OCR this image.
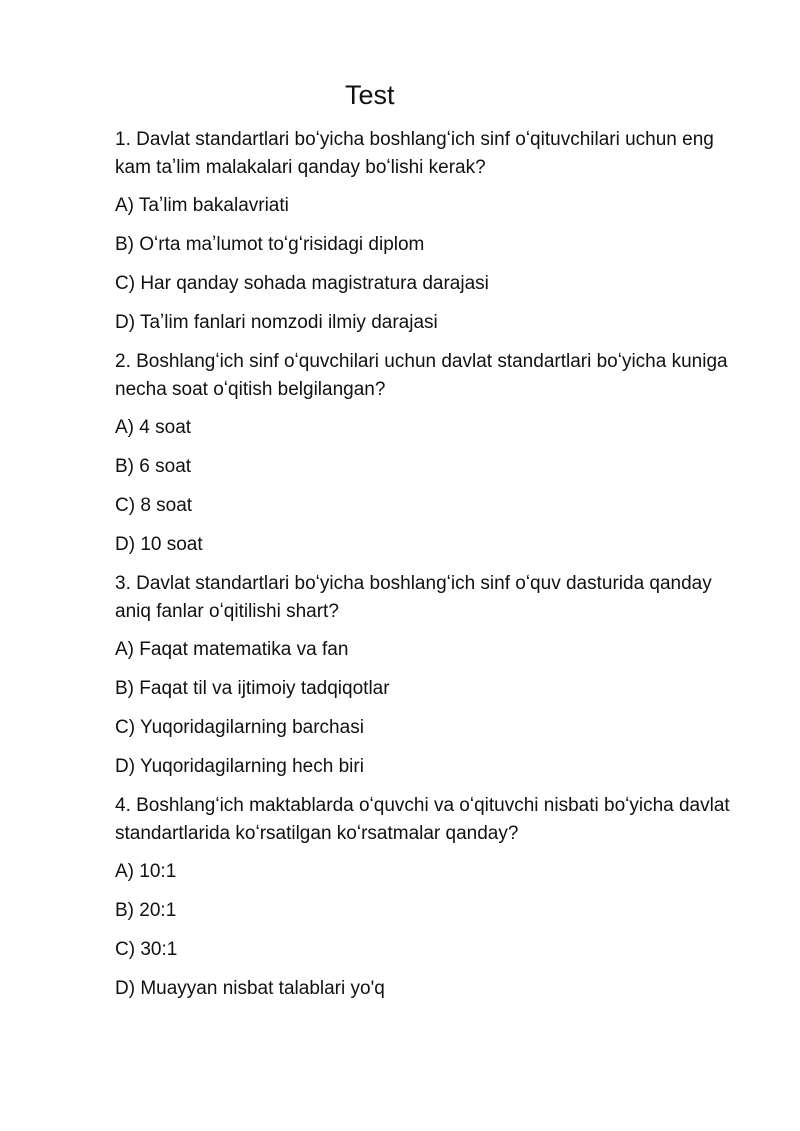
Test

1. Davlat standartlari boʻyicha boshlangʻich sinf oʻqituvchilari uchun eng kam taʼlim malakalari qanday boʻlishi kerak?

A) Taʼlim bakalavriati

B) Oʻrta maʼlumot toʻgʻrisidagi diplom

C) Har qanday sohada magistratura darajasi

D) Taʼlim fanlari nomzodi ilmiy darajasi

2. Boshlangʻich sinf oʻquvchilari uchun davlat standartlari boʻyicha kuniga necha soat oʻqitish belgilangan?

A) 4 soat

B) 6 soat

C) 8 soat

D) 10 soat

3. Davlat standartlari boʻyicha boshlangʻich sinf oʻquv dasturida qanday aniq fanlar oʻqitilishi shart?

A) Faqat matematika va fan

B) Faqat til va ijtimoiy tadqiqotlar

C) Yuqoridagilarning barchasi

D) Yuqoridagilarning hech biri

4. Boshlangʻich maktablarda oʻquvchi va oʻqituvchi nisbati boʻyicha davlat standartlarida koʻrsatilgan koʻrsatmalar qanday?

A) 10:1

B) 20:1

C) 30:1

D) Muayyan nisbat talablari yo'q
